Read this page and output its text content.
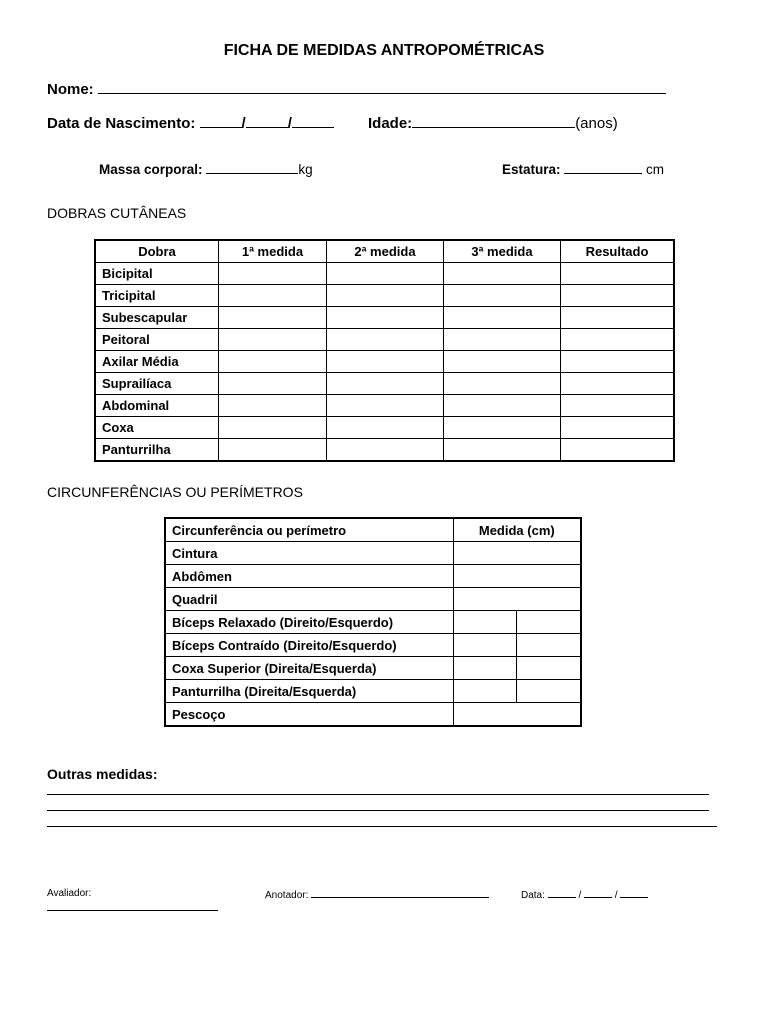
FICHA DE MEDIDAS ANTROPOMÉTRICAS
Nome:
Data de Nascimento:	/	/	Idade:	(anos)
Massa corporal:	kg	Estatura:	cm
DOBRAS CUTÂNEAS
Dobra	1ª medida	2ª medida	3ª medida	Resultado
Bicipital				
Tricipital				
Subescapular				
Peitoral				
Axilar Média				
Suprailíaca				
Abdominal				
Coxa				
Panturrilha				
CIRCUNFERÊNCIAS OU PERÍMETROS
Circunferência ou perímetro	Medida (cm)	
Cintura		
Abdômen		
Quadril		
Bíceps Relaxado (Direito/Esquerdo)		
Bíceps Contraído (Direito/Esquerdo)		
Coxa Superior (Direita/Esquerda)		
Panturrilha (Direita/Esquerda)		
Pescoço		
Outras medidas:
Avaliador:	Anotador:	Data:	/	/
